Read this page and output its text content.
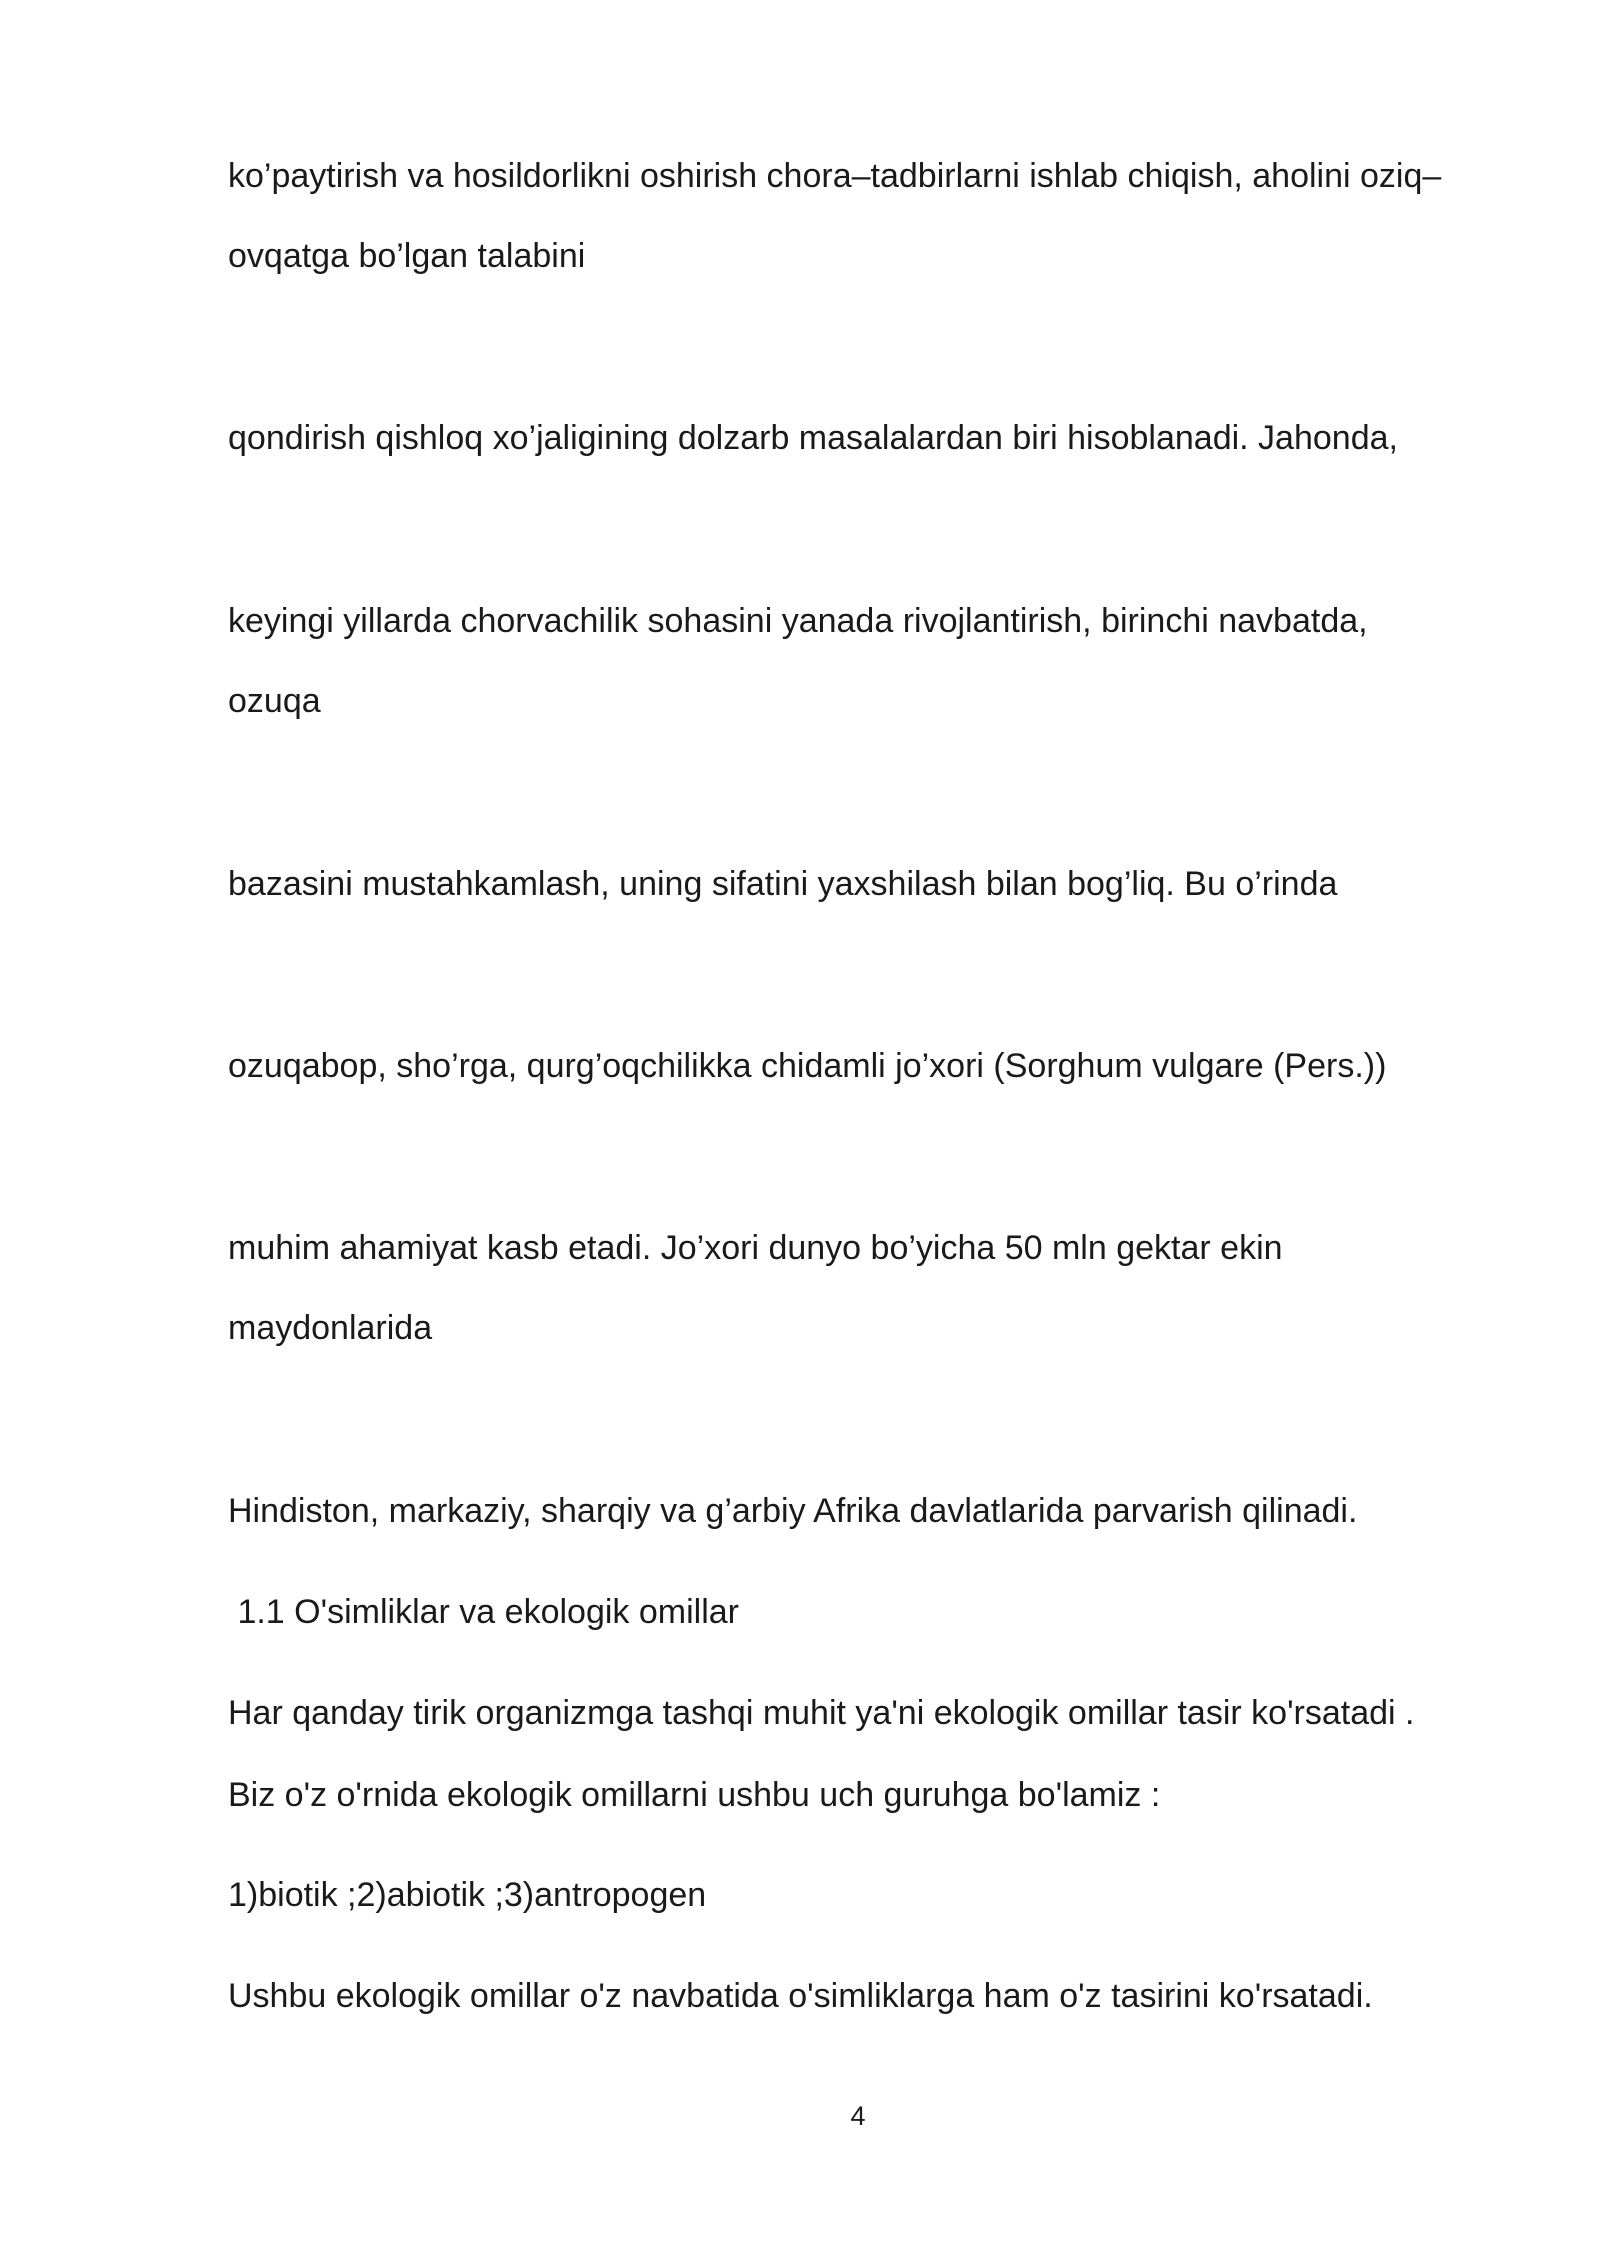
ko’paytirish va hosildorlikni oshirish chora–tadbirlarni ishlab chiqish, aholini oziq–
ovqatga bo’lgan talabini
qondirish qishloq xo’jaligining dolzarb masalalardan biri hisoblanadi. Jahonda,
keyingi yillarda chorvachilik sohasini yanada rivojlantirish, birinchi navbatda,
ozuqa
bazasini mustahkamlash, uning sifatini yaxshilash bilan bog’liq. Bu o’rinda
ozuqabop, sho’rga, qurg’oqchilikka chidamli jo’xori (Sorghum vulgare (Pers.))
muhim ahamiyat kasb etadi. Jo’xori dunyo bo’yicha 50 mln gektar ekin
maydonlarida
Hindiston, markaziy, sharqiy va g’arbiy Afrika davlatlarida parvarish qilinadi.
1.1 O'simliklar va ekologik omillar
Har qanday tirik organizmga tashqi muhit ya'ni ekologik omillar tasir ko'rsatadi .
Biz o'z o'rnida ekologik omillarni ushbu uch guruhga bo'lamiz :
1)biotik ;2)abiotik ;3)antropogen
Ushbu ekologik omillar o'z navbatida o'simliklarga ham o'z tasirini ko'rsatadi.
4
